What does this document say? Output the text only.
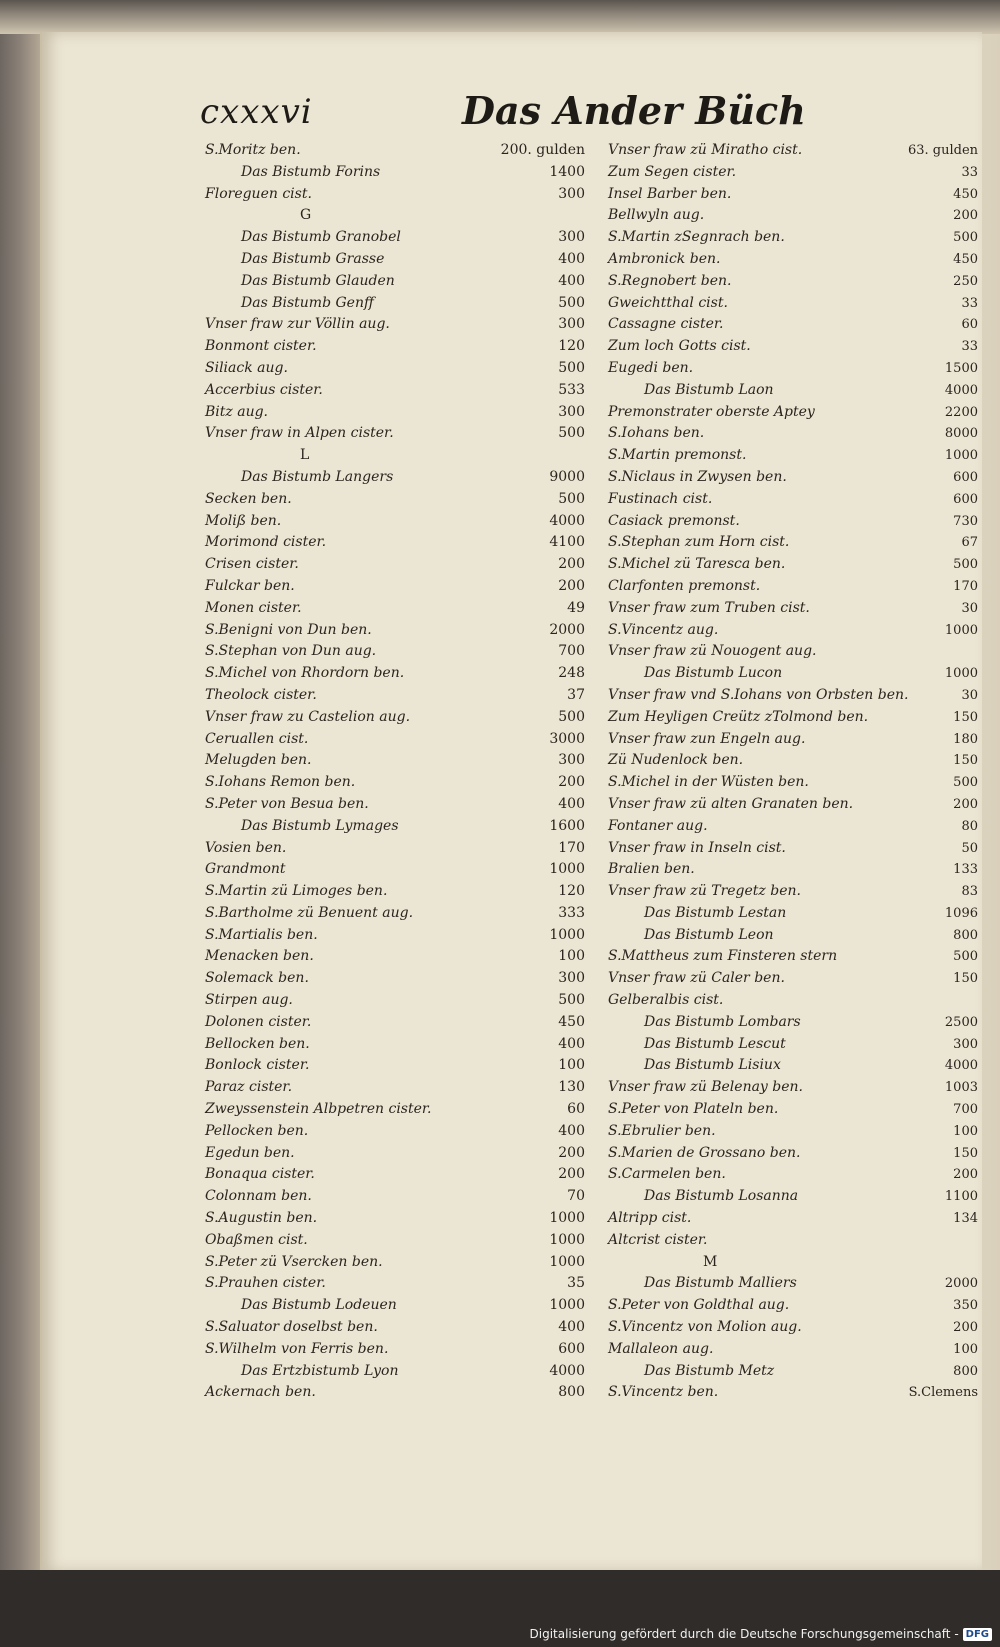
cxxxvi	Das Ander Büch
S.Moritz ben.	200. gulden
Das Bistumb Forins	1400
Floreguen cist.	300
G
Das Bistumb Granobel	300
Das Bistumb Grasse	400
Das Bistumb Glauden	400
Das Bistumb Genff	500
Vnser fraw zur Völlin aug.	300
Bonmont cister.	120
Siliack aug.	500
Accerbius cister.	533
Bitz aug.	300
Vnser fraw in Alpen cister.	500
L
Das Bistumb Langers	9000
Secken ben.	500
Moliß ben.	4000
Morimond cister.	4100
Crisen cister.	200
Fulckar ben.	200
Monen cister.	49
S.Benigni von Dun ben.	2000
S.Stephan von Dun aug.	700
S.Michel von Rhordorn ben.	248
Theolock cister.	37
Vnser fraw zu Castelion aug.	500
Ceruallen cist.	3000
Melugden ben.	300
S.Iohans Remon ben.	200
S.Peter von Besua ben.	400
Das Bistumb Lymages	1600
Vosien ben.	170
Grandmont	1000
S.Martin zü Limoges ben.	120
S.Bartholme zü Benuent aug.	333
S.Martialis ben.	1000
Menacken ben.	100
Solemack ben.	300
Stirpen aug.	500
Dolonen cister.	450
Bellocken ben.	400
Bonlock cister.	100
Paraz cister.	130
Zweyssenstein Albpetren cister.	60
Pellocken ben.	400
Egedun ben.	200
Bonaqua cister.	200
Colonnam ben.	70
S.Augustin ben.	1000
Obaßmen cist.	1000
S.Peter zü Vsercken ben.	1000
S.Prauhen cister.	35
Das Bistumb Lodeuen	1000
S.Saluator doselbst ben.	400
S.Wilhelm von Ferris ben.	600
Das Ertzbistumb Lyon	4000
Ackernach ben.	800
Vnser fraw zü Miratho cist.	63. gulden
Zum Segen cister.	33
Insel Barber ben.	450
Bellwyln aug.	200
S.Martin zSegnrach ben.	500
Ambronick ben.	450
S.Regnobert ben.	250
Gweichtthal cist.	33
Cassagne cister.	60
Zum loch Gotts cist.	33
Eugedi ben.	1500
Das Bistumb Laon	4000
Premonstrater oberste Aptey	2200
S.Iohans ben.	8000
S.Martin premonst.	1000
S.Niclaus in Zwysen ben.	600
Fustinach cist.	600
Casiack premonst.	730
S.Stephan zum Horn cist.	67
S.Michel zü Taresca ben.	500
Clarfonten premonst.	170
Vnser fraw zum Truben cist.	30
S.Vincentz aug.	1000
Vnser fraw zü Nouogent aug.
Das Bistumb Lucon	1000
Vnser fraw vnd S.Iohans von Orbsten ben.	30
Zum Heyligen Creütz zTolmond ben.	150
Vnser fraw zun Engeln aug.	180
Zü Nudenlock ben.	150
S.Michel in der Wüsten ben.	500
Vnser fraw zü alten Granaten ben.	200
Fontaner aug.	80
Vnser fraw in Inseln cist.	50
Bralien ben.	133
Vnser fraw zü Tregetz ben.	83
Das Bistumb Lestan	1096
Das Bistumb Leon	800
S.Mattheus zum Finsteren stern	500
Vnser fraw zü Caler ben.	150
Gelberalbis cist.
Das Bistumb Lombars	2500
Das Bistumb Lescut	300
Das Bistumb Lisiux	4000
Vnser fraw zü Belenay ben.	1003
S.Peter von Plateln ben.	700
S.Ebrulier ben.	100
S.Marien de Grossano ben.	150
S.Carmelen ben.	200
Das Bistumb Losanna	1100
Altripp cist.	134
Altcrist cister.
M
Das Bistumb Malliers	2000
S.Peter von Goldthal aug.	350
S.Vincentz von Molion aug.	200
Mallaleon aug.	100
Das Bistumb Metz	800
S.Vincentz ben.	S.Clemens
Digitalisierung gefördert durch die Deutsche Forschungsgemeinschaft - DFG
